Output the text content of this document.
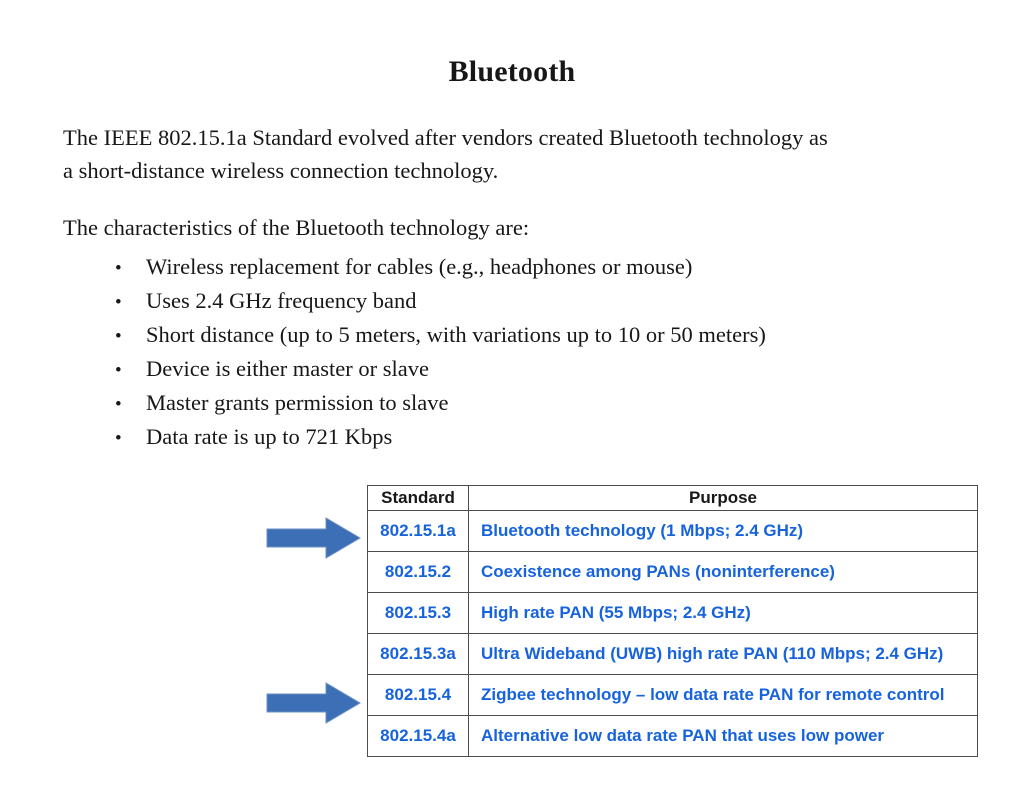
Bluetooth
The IEEE 802.15.1a Standard evolved after vendors created Bluetooth technology as
a short-distance wireless connection technology.
The characteristics of the Bluetooth technology are:
•	Wireless replacement for cables (e.g., headphones or mouse)
•	Uses 2.4 GHz frequency band
•	Short distance (up to 5 meters, with variations up to 10 or 50 meters)
•	Device is either master or slave
•	Master grants permission to slave
•	Data rate is up to 721 Kbps
Standard	Purpose
802.15.1a	Bluetooth technology (1 Mbps; 2.4 GHz)
802.15.2	Coexistence among PANs (noninterference)
802.15.3	High rate PAN (55 Mbps; 2.4 GHz)
802.15.3a	Ultra Wideband (UWB) high rate PAN (110 Mbps; 2.4 GHz)
802.15.4	Zigbee technology – low data rate PAN for remote control
802.15.4a	Alternative low data rate PAN that uses low power
